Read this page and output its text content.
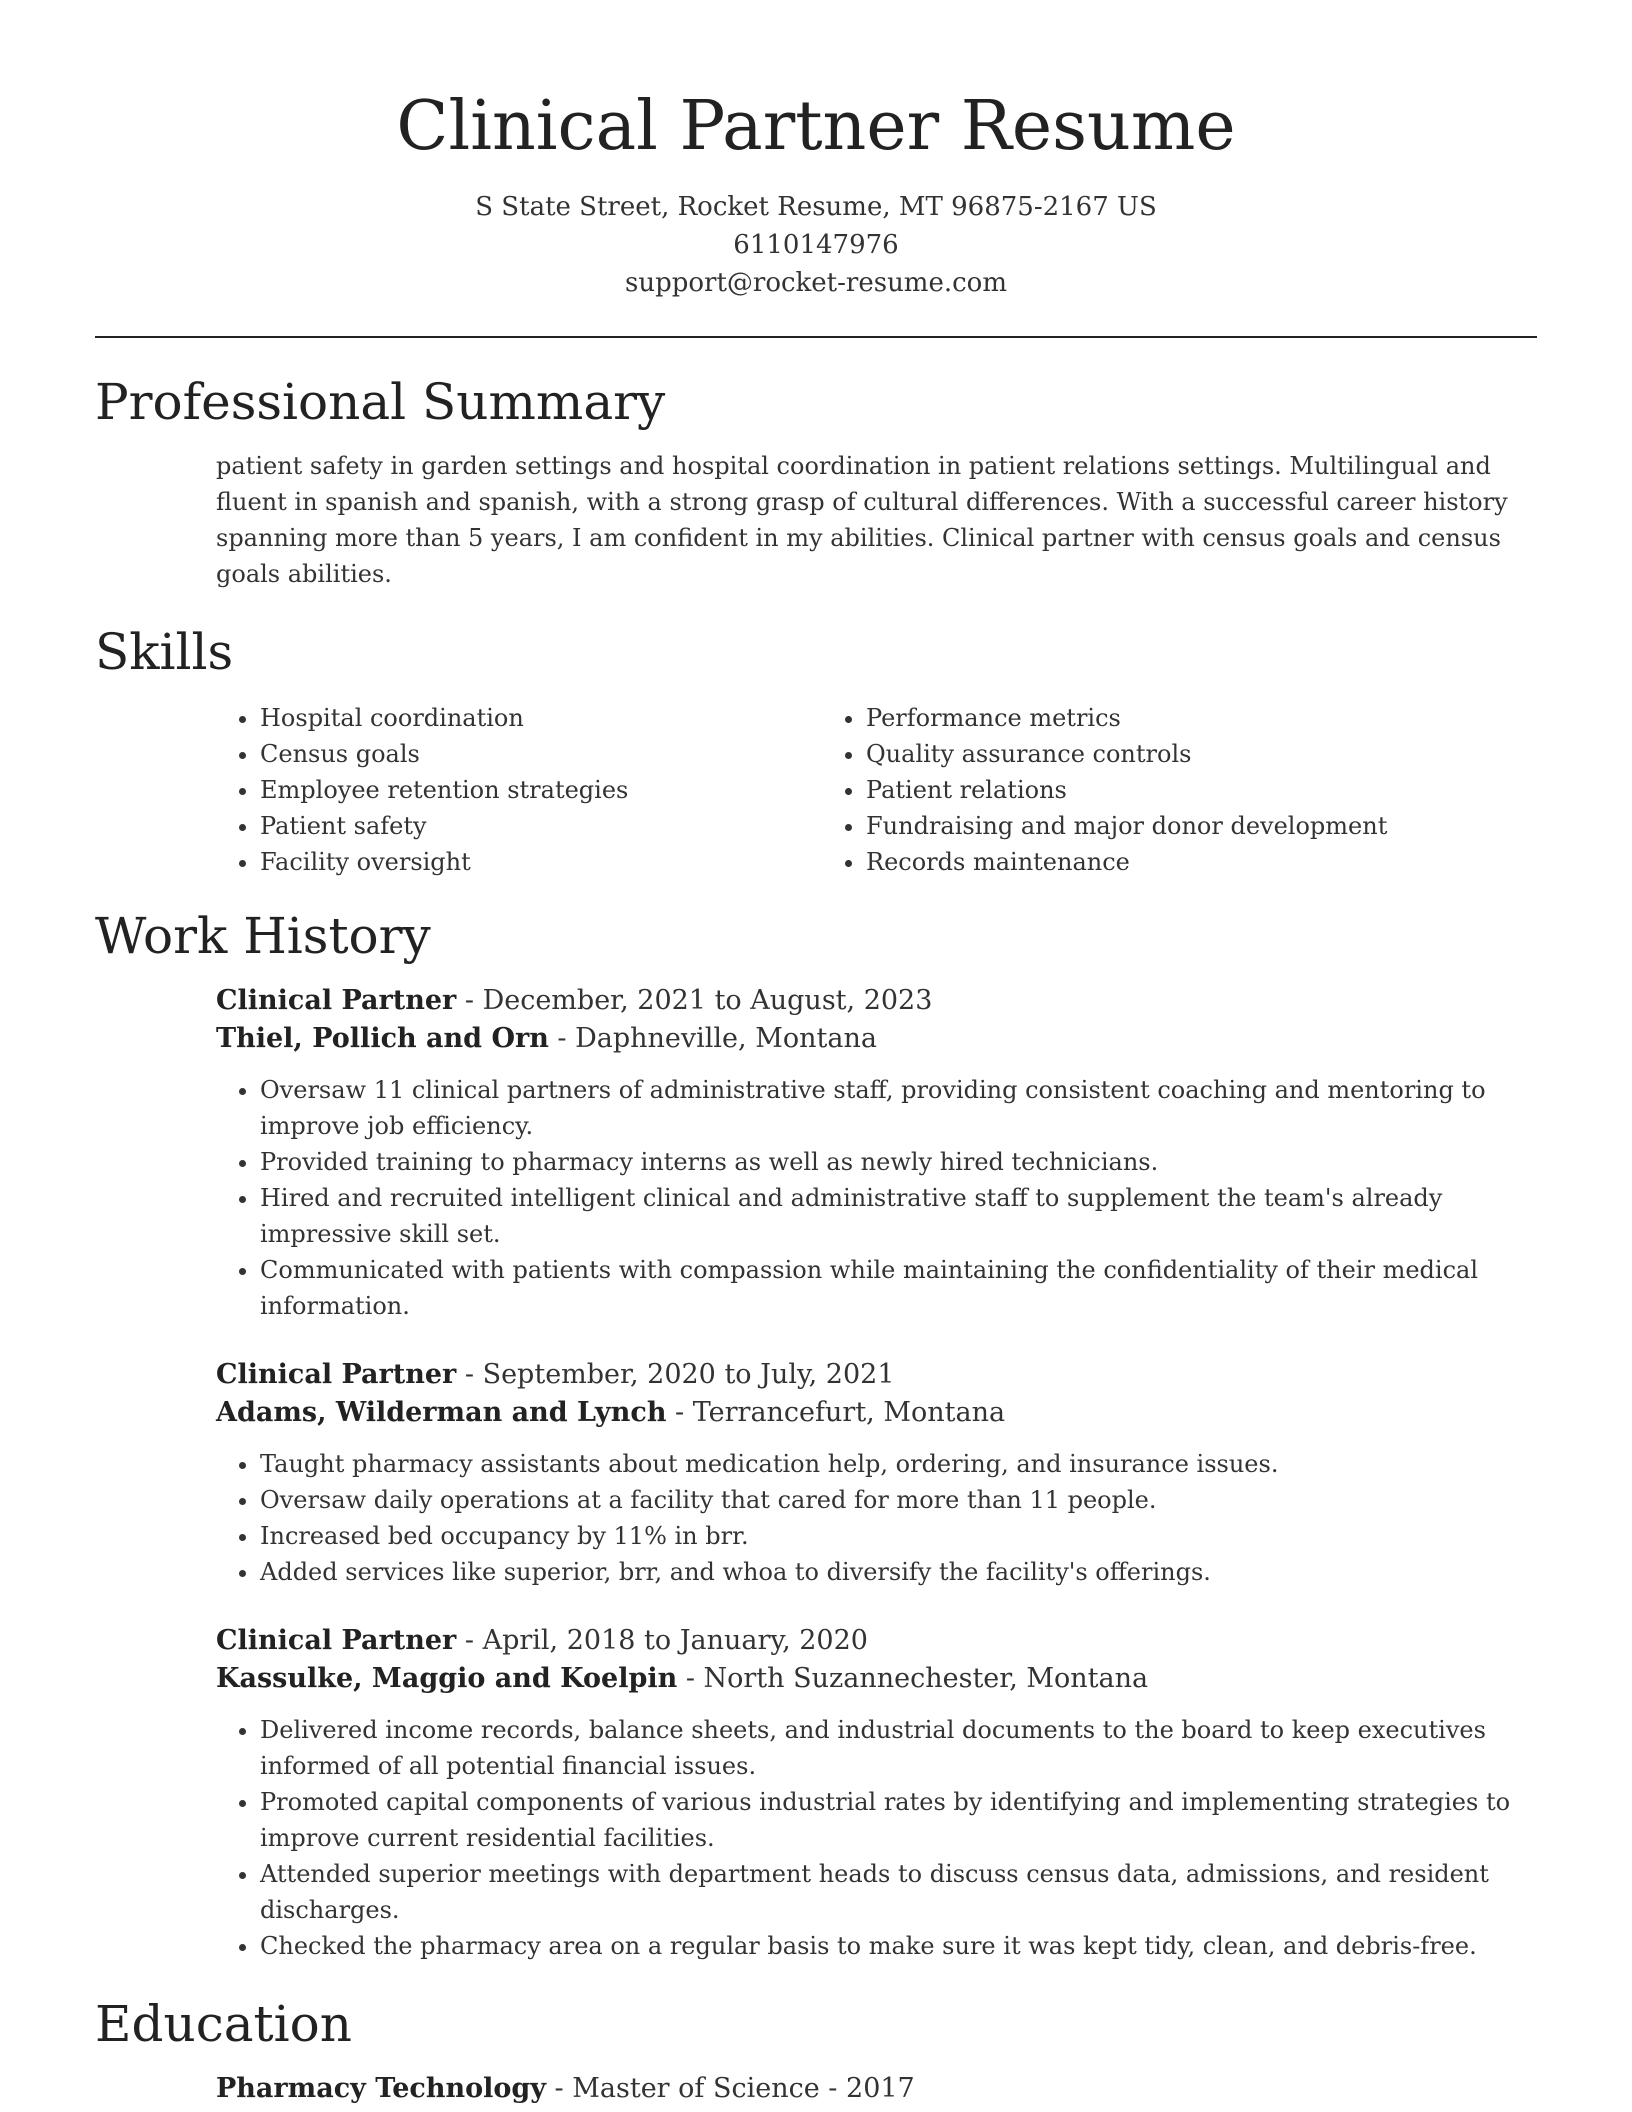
Clinical Partner Resume
S State Street, Rocket Resume, MT 96875-2167 US
6110147976
support@rocket-resume.com
Professional Summary

patient safety in garden settings and hospital coordination in patient relations settings. Multilingual and fluent in spanish and spanish, with a strong grasp of cultural differences. With a successful career history spanning more than 5 years, I am confident in my abilities. Clinical partner with census goals and census goals abilities.

Skills
• Hospital coordination
• Census goals
• Employee retention strategies
• Patient safety
• Facility oversight
• Performance metrics
• Quality assurance controls
• Patient relations
• Fundraising and major donor development
• Records maintenance
Work History
Clinical Partner - December, 2021 to August, 2023
Thiel, Pollich and Orn - Daphneville, Montana
• Oversaw 11 clinical partners of administrative staff, providing consistent coaching and mentoring to improve job efficiency.
• Provided training to pharmacy interns as well as newly hired technicians.
• Hired and recruited intelligent clinical and administrative staff to supplement the team's already impressive skill set.
• Communicated with patients with compassion while maintaining the confidentiality of their medical information.
Clinical Partner - September, 2020 to July, 2021
Adams, Wilderman and Lynch - Terrancefurt, Montana
• Taught pharmacy assistants about medication help, ordering, and insurance issues.
• Oversaw daily operations at a facility that cared for more than 11 people.
• Increased bed occupancy by 11% in brr.
• Added services like superior, brr, and whoa to diversify the facility's offerings.
Clinical Partner - April, 2018 to January, 2020
Kassulke, Maggio and Koelpin - North Suzannechester, Montana
• Delivered income records, balance sheets, and industrial documents to the board to keep executives informed of all potential financial issues.
• Promoted capital components of various industrial rates by identifying and implementing strategies to improve current residential facilities.
• Attended superior meetings with department heads to discuss census data, admissions, and resident discharges.
• Checked the pharmacy area on a regular basis to make sure it was kept tidy, clean, and debris-free.
Education
Pharmacy Technology - Master of Science - 2017
